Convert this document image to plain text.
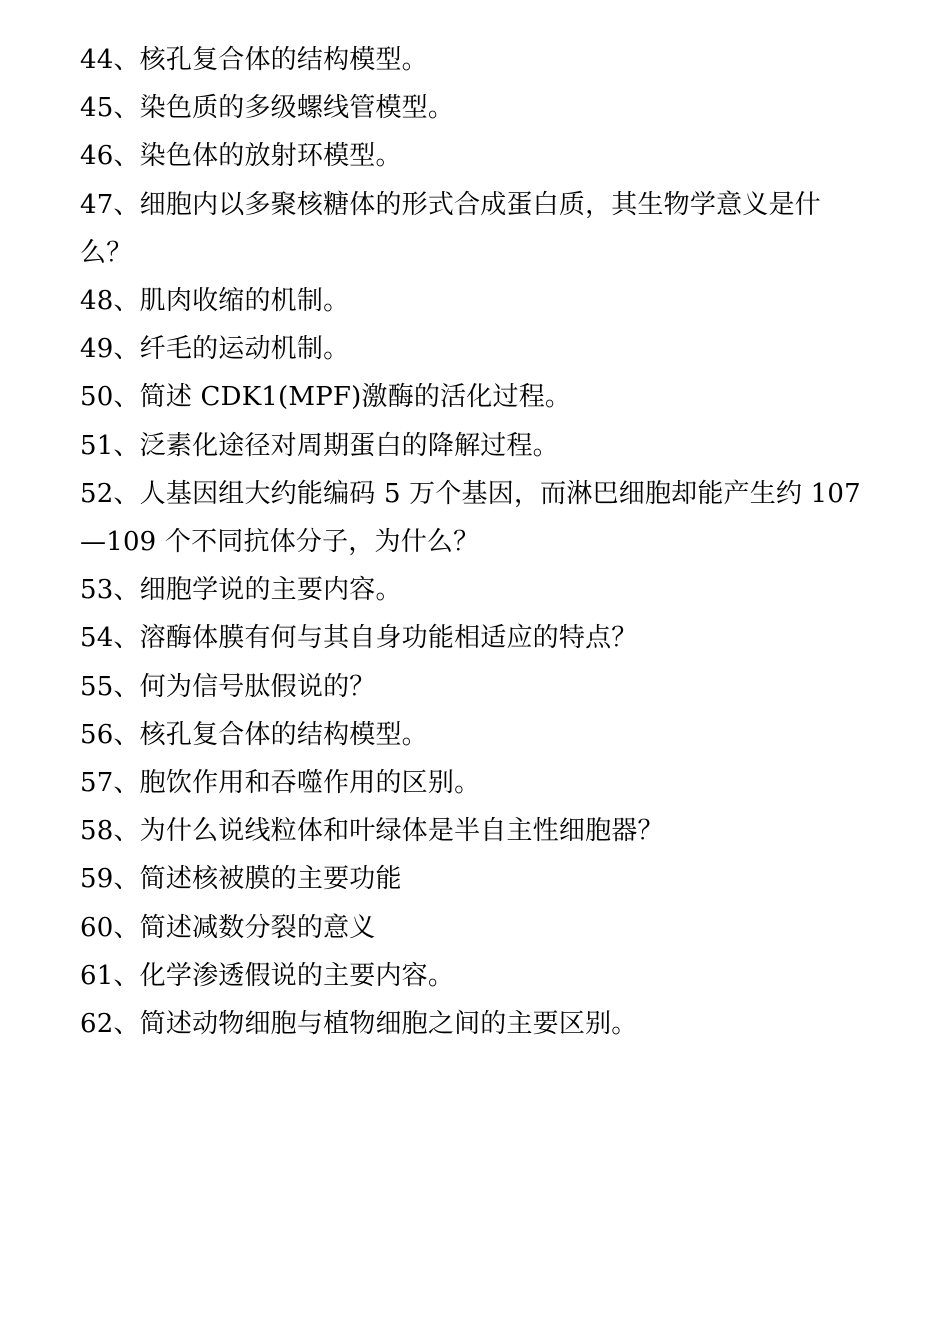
44、核孔复合体的结构模型。
45、染色质的多级螺线管模型。
46、染色体的放射环模型。
47、细胞内以多聚核糖体的形式合成蛋白质，其生物学意义是什么？
48、肌肉收缩的机制。
49、纤毛的运动机制。
50、简述 CDK1(MPF)激酶的活化过程。
51、泛素化途径对周期蛋白的降解过程。
52、人基因组大约能编码 5 万个基因，而淋巴细胞却能产生约 107—109 个不同抗体分子，为什么？
53、细胞学说的主要内容。
54、溶酶体膜有何与其自身功能相适应的特点？
55、何为信号肽假说的？
56、核孔复合体的结构模型。
57、胞饮作用和吞噬作用的区别。
58、为什么说线粒体和叶绿体是半自主性细胞器？
59、简述核被膜的主要功能
60、简述减数分裂的意义
61、化学渗透假说的主要内容。
62、简述动物细胞与植物细胞之间的主要区别。
